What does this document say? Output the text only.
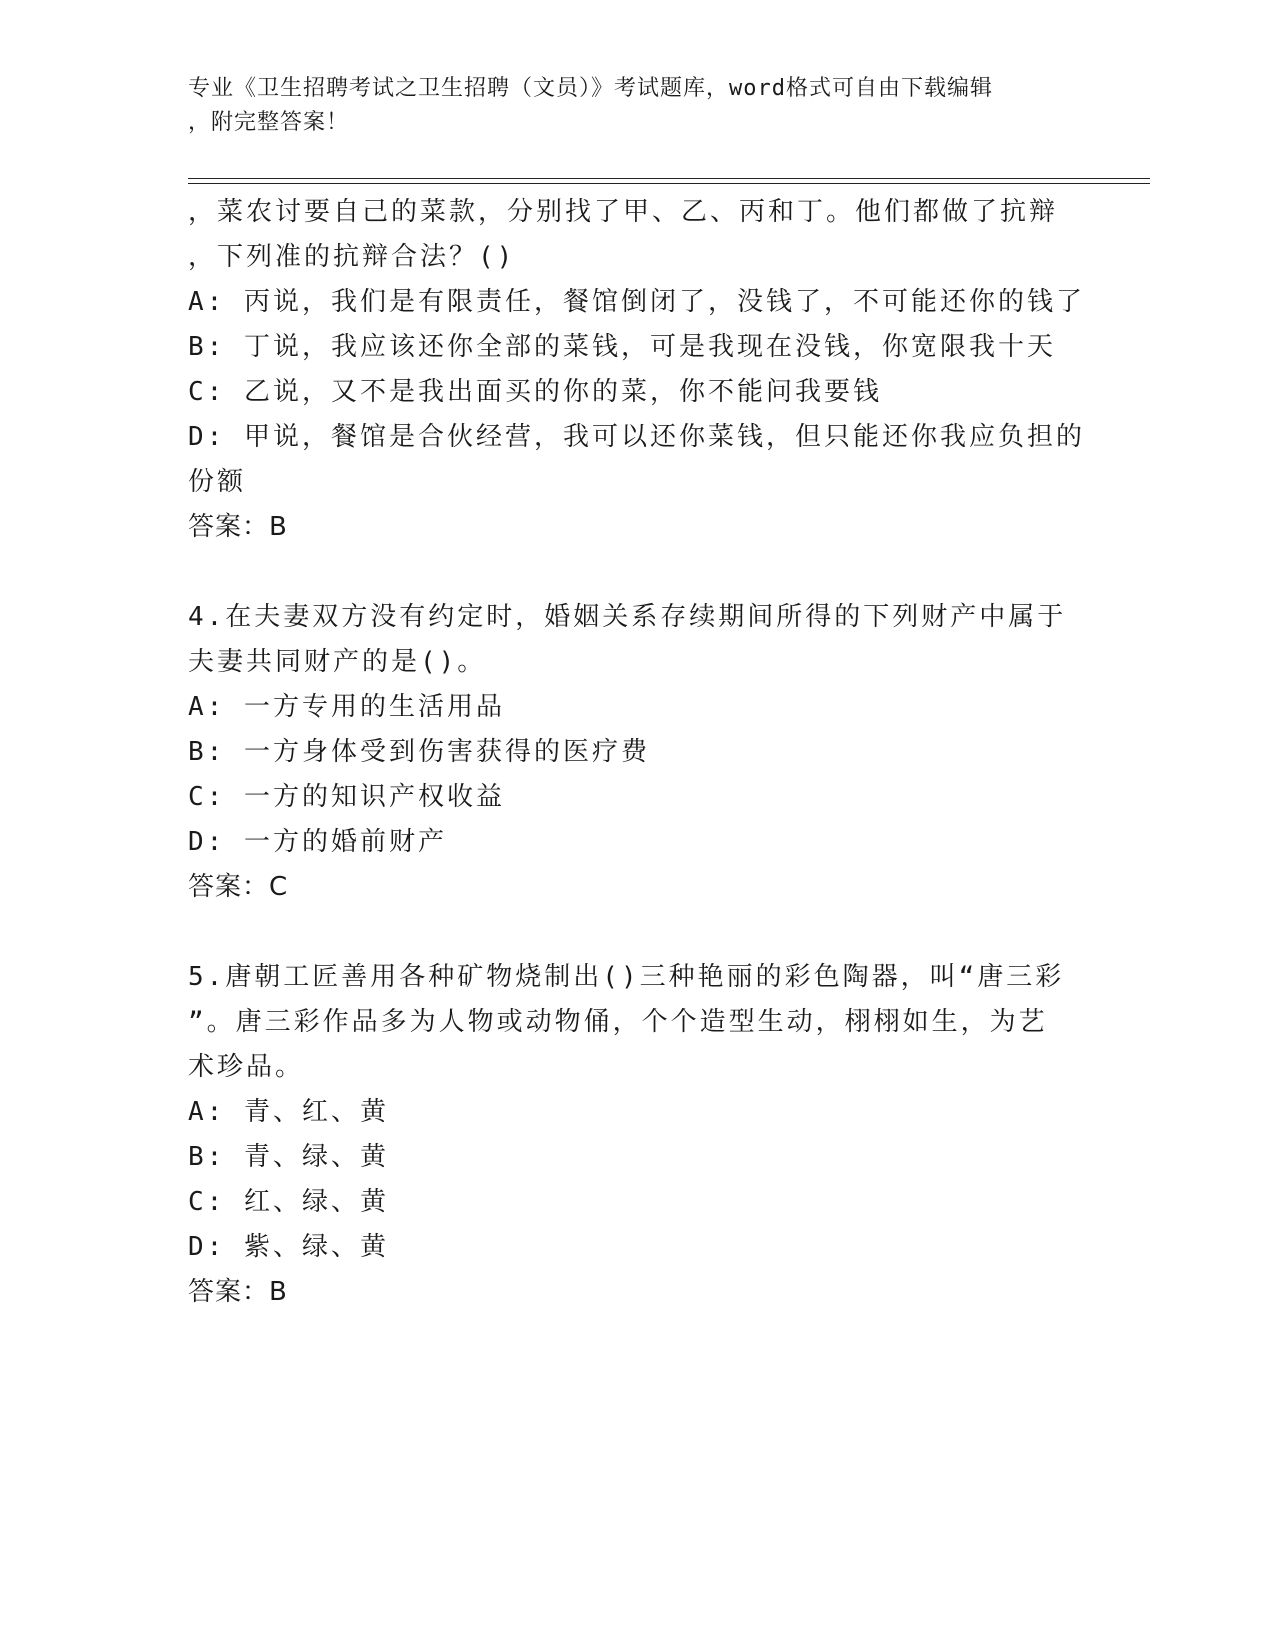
专业《卫生招聘考试之卫生招聘（文员）》考试题库，word格式可自由下载编辑
，附完整答案！
，菜农讨要自己的菜款，分别找了甲、乙、丙和丁。他们都做了抗辩
，下列准的抗辩合法？()
A: 丙说，我们是有限责任，餐馆倒闭了，没钱了，不可能还你的钱了
B: 丁说，我应该还你全部的菜钱，可是我现在没钱，你宽限我十天
C: 乙说，又不是我出面买的你的菜，你不能问我要钱
D: 甲说，餐馆是合伙经营，我可以还你菜钱，但只能还你我应负担的
份额
答案：B
4.在夫妻双方没有约定时，婚姻关系存续期间所得的下列财产中属于
夫妻共同财产的是()。
A: 一方专用的生活用品
B: 一方身体受到伤害获得的医疗费
C: 一方的知识产权收益
D: 一方的婚前财产
答案：C
5.唐朝工匠善用各种矿物烧制出()三种艳丽的彩色陶器，叫“唐三彩
”。唐三彩作品多为人物或动物俑，个个造型生动，栩栩如生，为艺
术珍品。
A: 青、红、黄
B: 青、绿、黄
C: 红、绿、黄
D: 紫、绿、黄
答案：B
